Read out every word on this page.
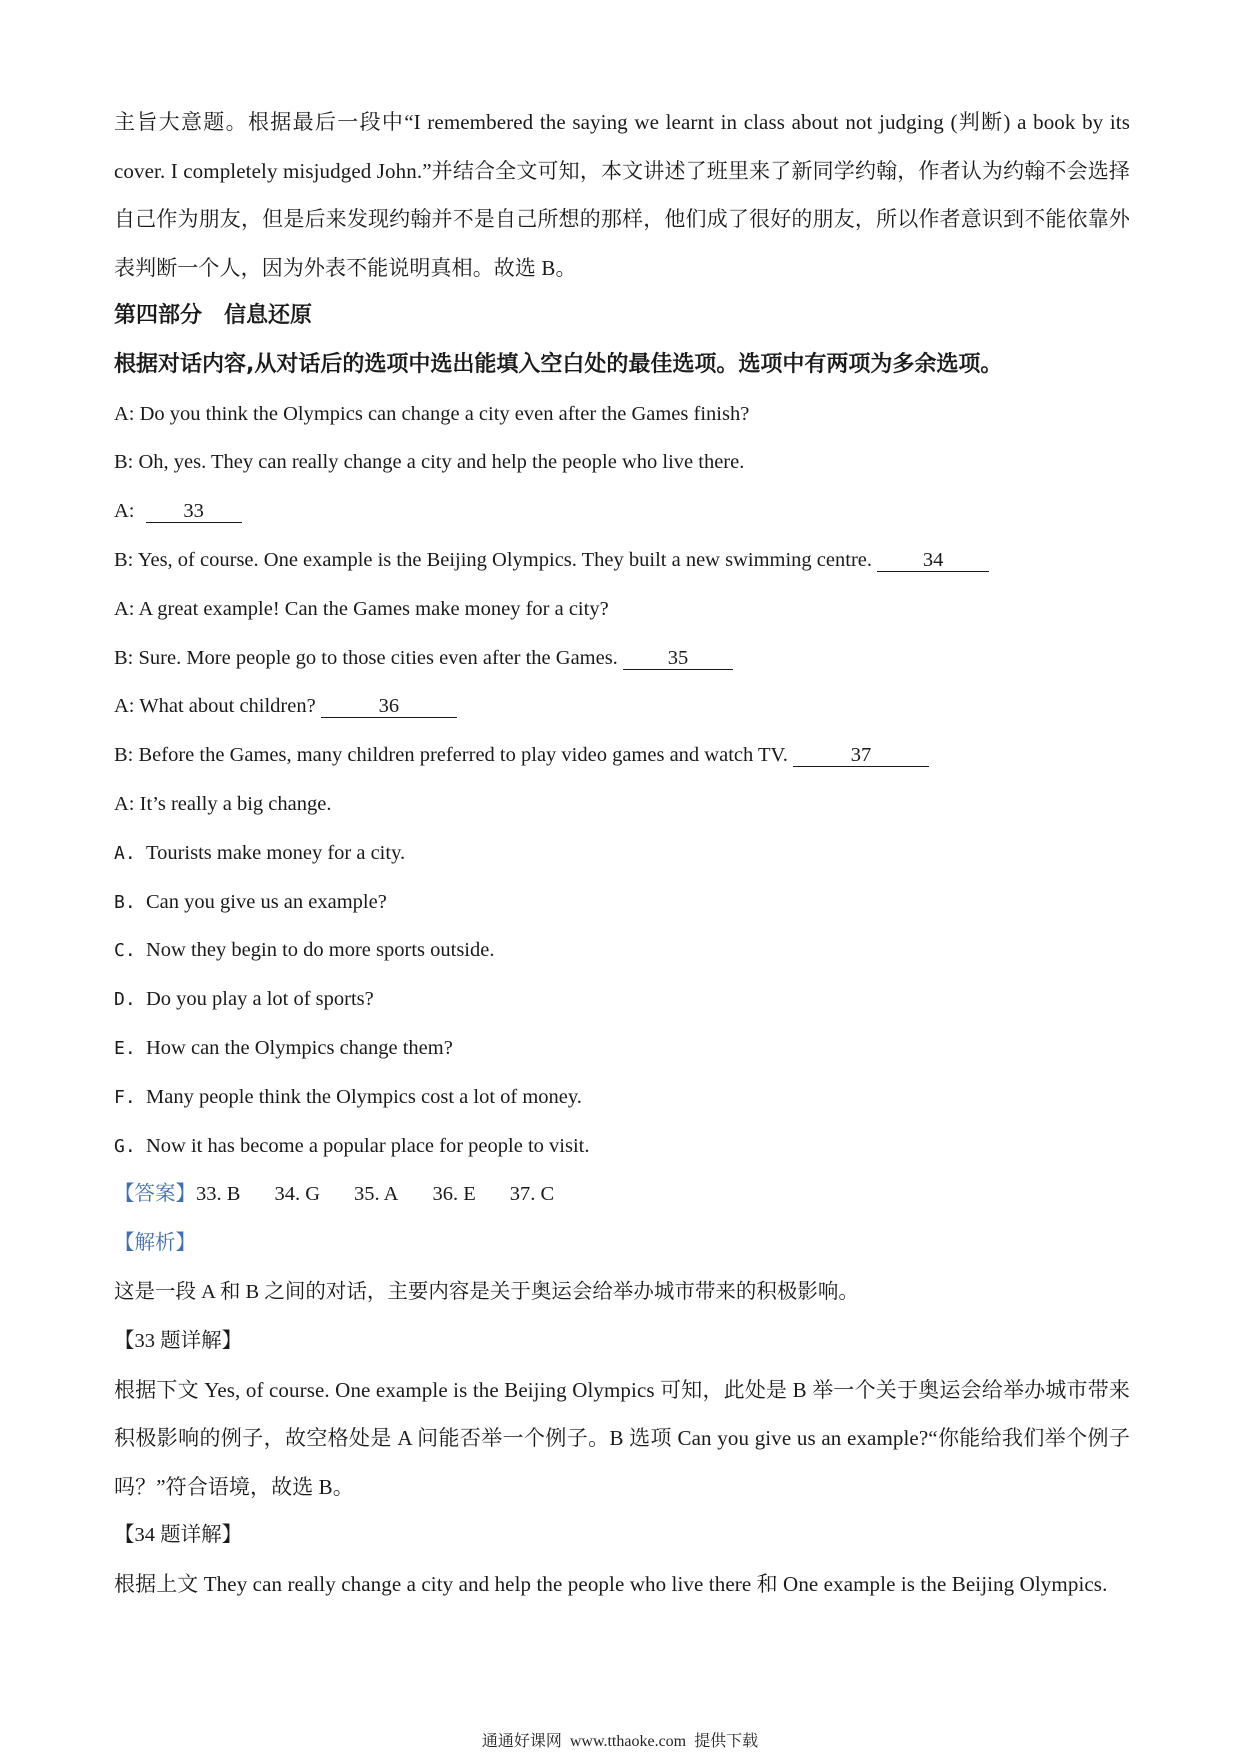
主旨大意题。根据最后一段中“I remembered the saying we learnt in class about not judging (判断) a book by its cover. I completely misjudged John.”并结合全文可知，本文讲述了班里来了新同学约翰，作者认为约翰不会选择自己作为朋友，但是后来发现约翰并不是自己所想的那样，他们成了很好的朋友，所以作者意识到不能依靠外表判断一个人，因为外表不能说明真相。故选 B。

第四部分 信息还原
根据对话内容,从对话后的选项中选出能填入空白处的最佳选项。选项中有两项为多余选项。
A: Do you think the Olympics can change a city even after the Games finish?
B: Oh, yes. They can really change a city and help the people who live there.
A: 33
B: Yes, of course. One example is the Beijing Olympics. They built a new swimming centre. 34
A: A great example! Can the Games make money for a city?
B: Sure. More people go to those cities even after the Games. 35
A: What about children?	36
B: Before the Games, many children preferred to play video games and watch TV.	37
A: It’s really a big change.
A. Tourists make money for a city.
B. Can you give us an example?
C. Now they begin to do more sports outside.
D. Do you play a lot of sports?
E. How can the Olympics change them?
F. Many people think the Olympics cost a lot of money.
G. Now it has become a popular place for people to visit.
【答案】33. B 34. G 35. A 36. E 37. C
【解析】
这是一段 A 和 B 之间的对话，主要内容是关于奥运会给举办城市带来的积极影响。
【33 题详解】

根据下文 Yes, of course. One example is the Beijing Olympics 可知，此处是 B 举一个关于奥运会给举办城市带来积极影响的例子，故空格处是 A 问能否举一个例子。B 选项 Can you give us an example?“你能给我们举个例子吗？”符合语境，故选 B。

【34 题详解】

根据上文 They can really change a city and help the people who live there 和 One example is the Beijing Olympics.

通通好课网 www.tthaoke.com 提供下载
